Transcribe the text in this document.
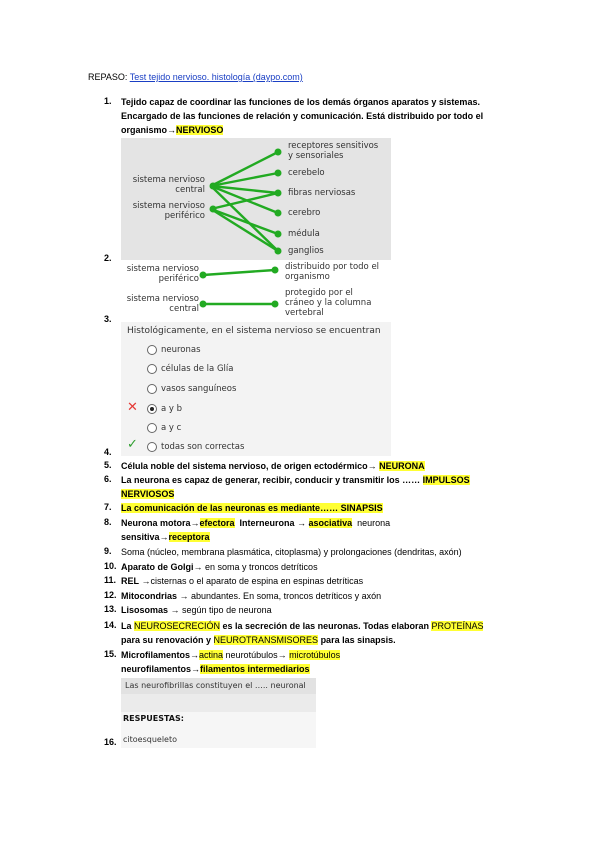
REPASO: Test tejido nervioso. histología (daypo.com)
1.	Tejido capaz de coordinar las funciones de los demás órganos aparatos y sistemas.
Encargado de las funciones de relación y comunicación. Está distribuido por todo el
organismo→NERVIOSO
sistema nervioso
central
sistema nervioso
periférico
receptores sensitivos
y sensoriales
cerebelo
fibras nerviosas
cerebro
médula
ganglios
2.
sistema nervioso
periférico
sistema nervioso
central
distribuido por todo el
organismo
protegido por el
cráneo y la columna
vertebral
3.
Histológicamente, en el sistema nervioso se encuentran
neuronas
células de la Glía
vasos sanguíneos
✕	a y b
a y c
✓	todas son correctas
4.
5.	Célula noble del sistema nervioso, de origen ectodérmico→ NEURONA
6.	La neurona es capaz de generar, recibir, conducir y transmitir los …… IMPULSOS
NERVIOSOS
7.	La comunicación de las neuronas es mediante…… SINAPSIS
8.	Neurona motora→efectora  Interneurona → asociativa  neurona
sensitiva→receptora
9.	Soma (núcleo, membrana plasmática, citoplasma) y prolongaciones (dendritas, axón)
10. Aparato de Golgi→ en soma y troncos detríticos
11. REL →cisternas o el aparato de espina en espinas detríticas
12. Mitocondrias → abundantes. En soma, troncos detríticos y axón
13. Lisosomas → según tipo de neurona
14. La NEUROSECRECIÓN es la secreción de las neuronas. Todas elaboran PROTEÍNAS
para su renovación y NEUROTRANSMISORES para las sinapsis.
15. Microfilamentos→actina neurotúbulos→ microtúbulos
neurofilamentos→filamentos intermediarios
Las neurofibrillas constituyen el ….. neuronal
RESPUESTAS:
citoesqueleto
16.
